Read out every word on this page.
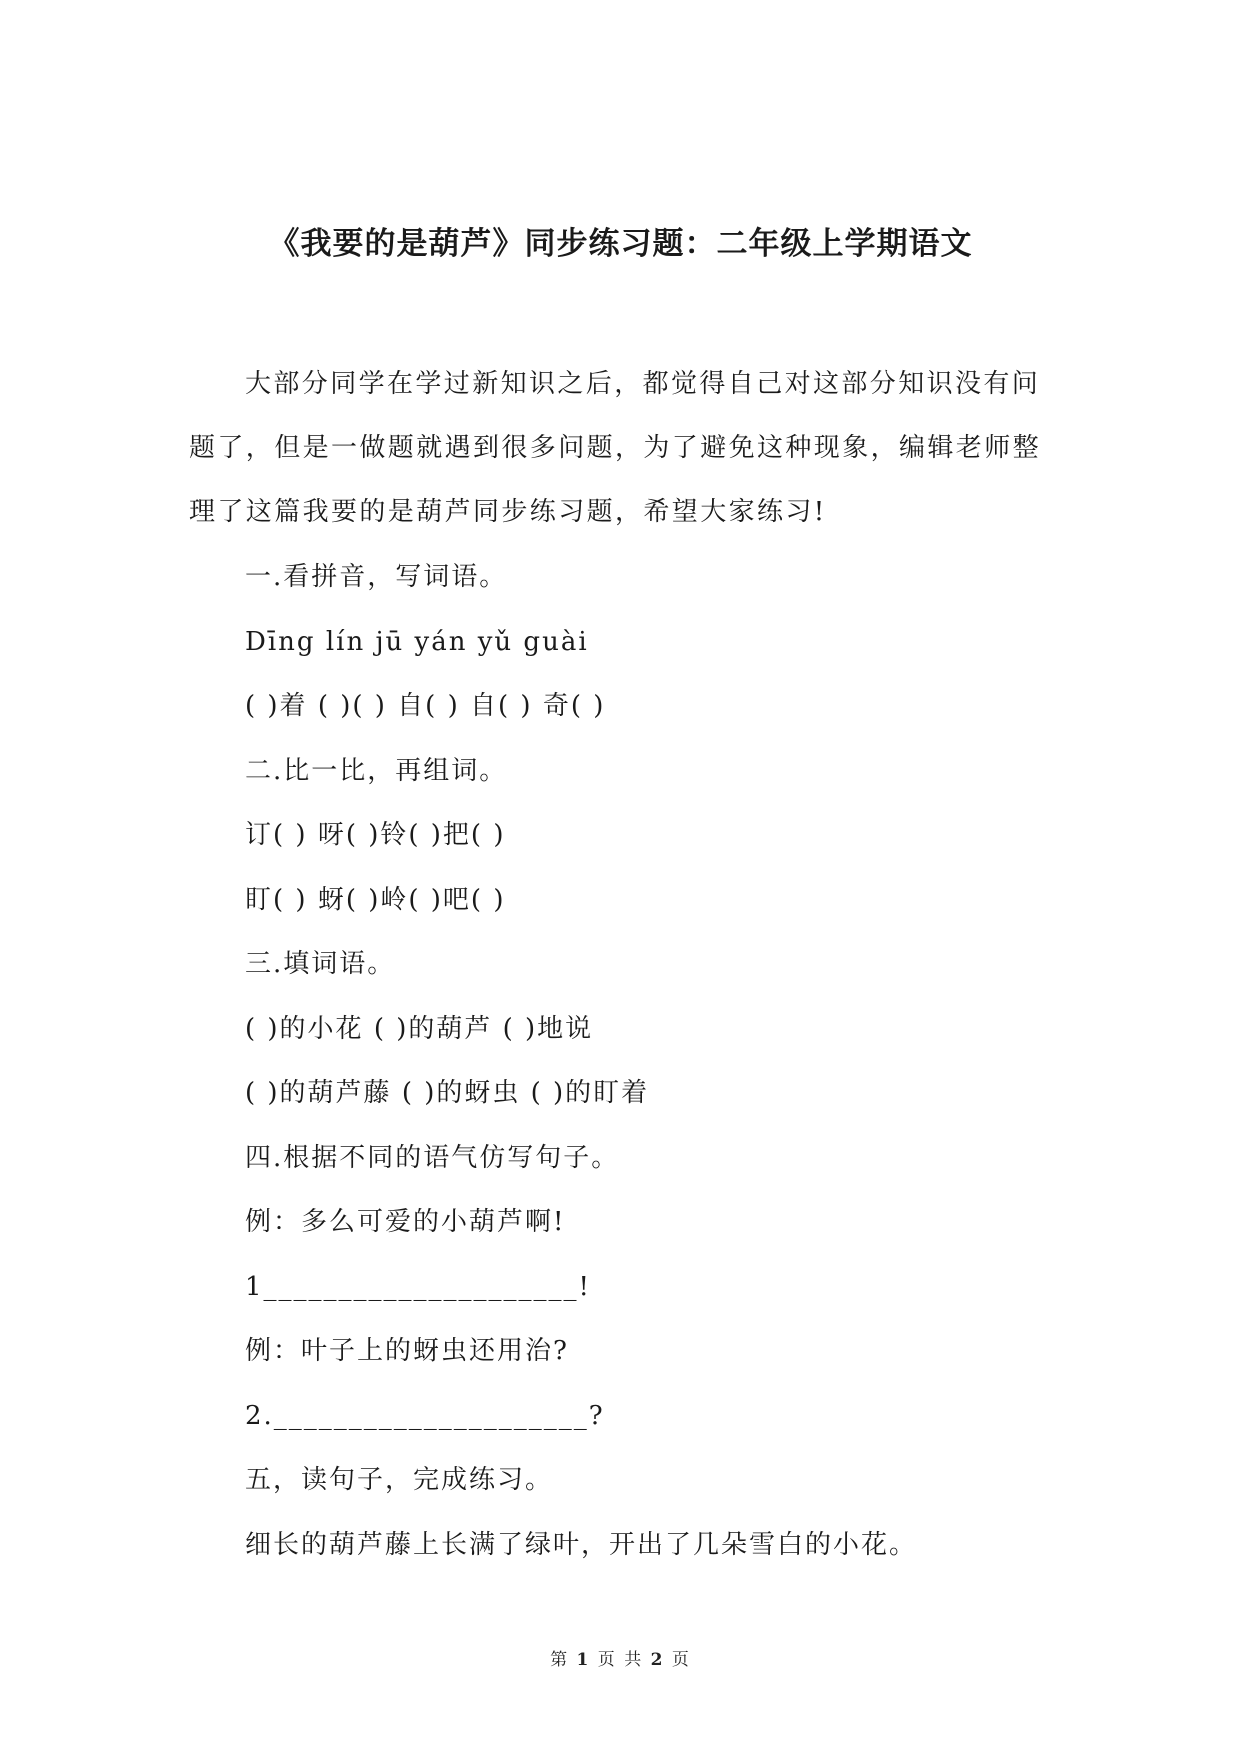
《我要的是葫芦》同步练习题：二年级上学期语文

大部分同学在学过新知识之后，都觉得自己对这部分知识没有问题了，但是一做题就遇到很多问题，为了避免这种现象，编辑老师整理了这篇我要的是葫芦同步练习题，希望大家练习!

一.看拼音，写词语。
Dīng lín jū yán yǔ guài
( )着 ( )( ) 自( ) 自( ) 奇( )
二.比一比，再组词。
订( ) 呀( )铃( )把( )
盯( ) 蚜( )岭( )吧( )
三.填词语。
( )的小花 ( )的葫芦 ( )地说
( )的葫芦藤 ( )的蚜虫 ( )的盯着
四.根据不同的语气仿写句子。
例：多么可爱的小葫芦啊!
1_____________________!
例：叶子上的蚜虫还用治?
2._____________________?
五，读句子，完成练习。
细长的葫芦藤上长满了绿叶，开出了几朵雪白的小花。
第 1 页 共 2 页
